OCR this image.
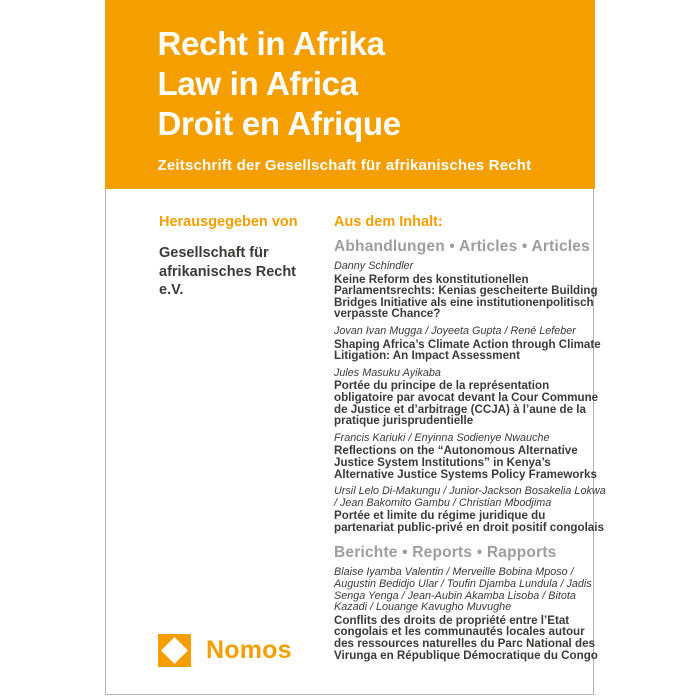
Recht in Afrika
Law in Africa
Droit en Afrique
Zeitschrift der Gesellschaft für afrikanisches Recht
Herausgegeben von
Gesellschaft für afrikanisches Recht e.V.
Aus dem Inhalt:
Abhandlungen • Articles • Articles
Danny Schindler
Keine Reform des konstitutionellen Parlamentsrechts: Kenias gescheiterte Building Bridges Initiative als eine institutionenpolitisch verpasste Chance?
Jovan Ivan Mugga / Joyeeta Gupta / René Lefeber
Shaping Africa’s Climate Action through Climate Litigation: An Impact Assessment
Jules Masuku Ayikaba
Portée du principe de la représentation obligatoire par avocat devant la Cour Commune de Justice et d’arbitrage (CCJA) à l’aune de la pratique jurisprudentielle
Francis Kariuki / Enyinna Sodienye Nwauche
Reflections on the “Autonomous Alternative Justice System Institutions” in Kenya’s Alternative Justice Systems Policy Frameworks
Ursil Lelo Di-Makungu / Junior-Jackson Bosakelia Lokwa / Jean Bakomito Gambu / Christian Mbodjima
Portée et limite du régime juridique du partenariat public-privé en droit positif congolais
Berichte • Reports • Rapports
Blaise Iyamba Valentin / Merveille Bobina Mposo / Augustin Bedidjo Ular / Toufin Djamba Lundula / Jadis Senga Yenga / Jean-Aubin Akamba Lisoba / Bitota Kazadi / Louange Kavugho Muvughe
Conflits des droits de propriété entre l’Etat congolais et les communautés locales autour des ressources naturelles du Parc National des Virunga en République Démocratique du Congo
Nomos
